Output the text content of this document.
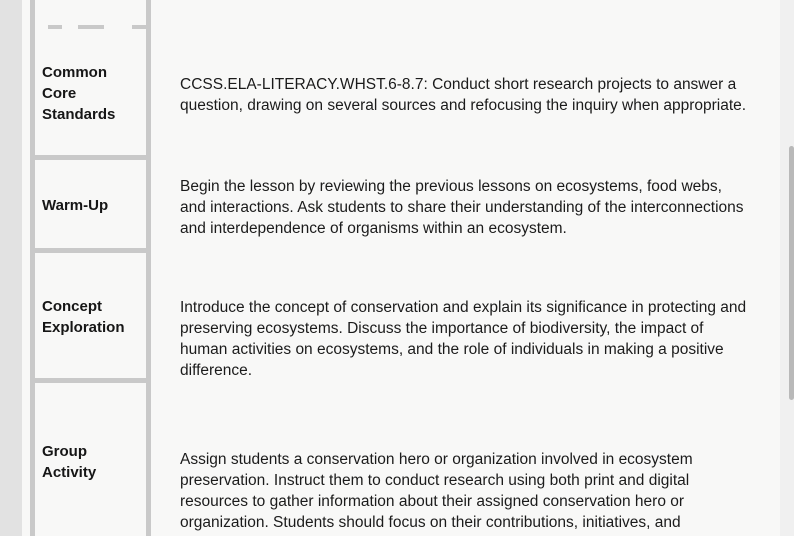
Common Core Standards
CCSS.ELA-LITERACY.WHST.6-8.7: Conduct short research projects to answer a question, drawing on several sources and refocusing the inquiry when appropriate.
Warm-Up
Begin the lesson by reviewing the previous lessons on ecosystems, food webs, and interactions. Ask students to share their understanding of the interconnections and interdependence of organisms within an ecosystem.
Concept Exploration
Introduce the concept of conservation and explain its significance in protecting and preserving ecosystems. Discuss the importance of biodiversity, the impact of human activities on ecosystems, and the role of individuals in making a positive difference.
Group Activity
Assign students a conservation hero or organization involved in ecosystem preservation. Instruct them to conduct research using both print and digital resources to gather information about their assigned conservation hero or organization. Students should focus on their contributions, initiatives, and
